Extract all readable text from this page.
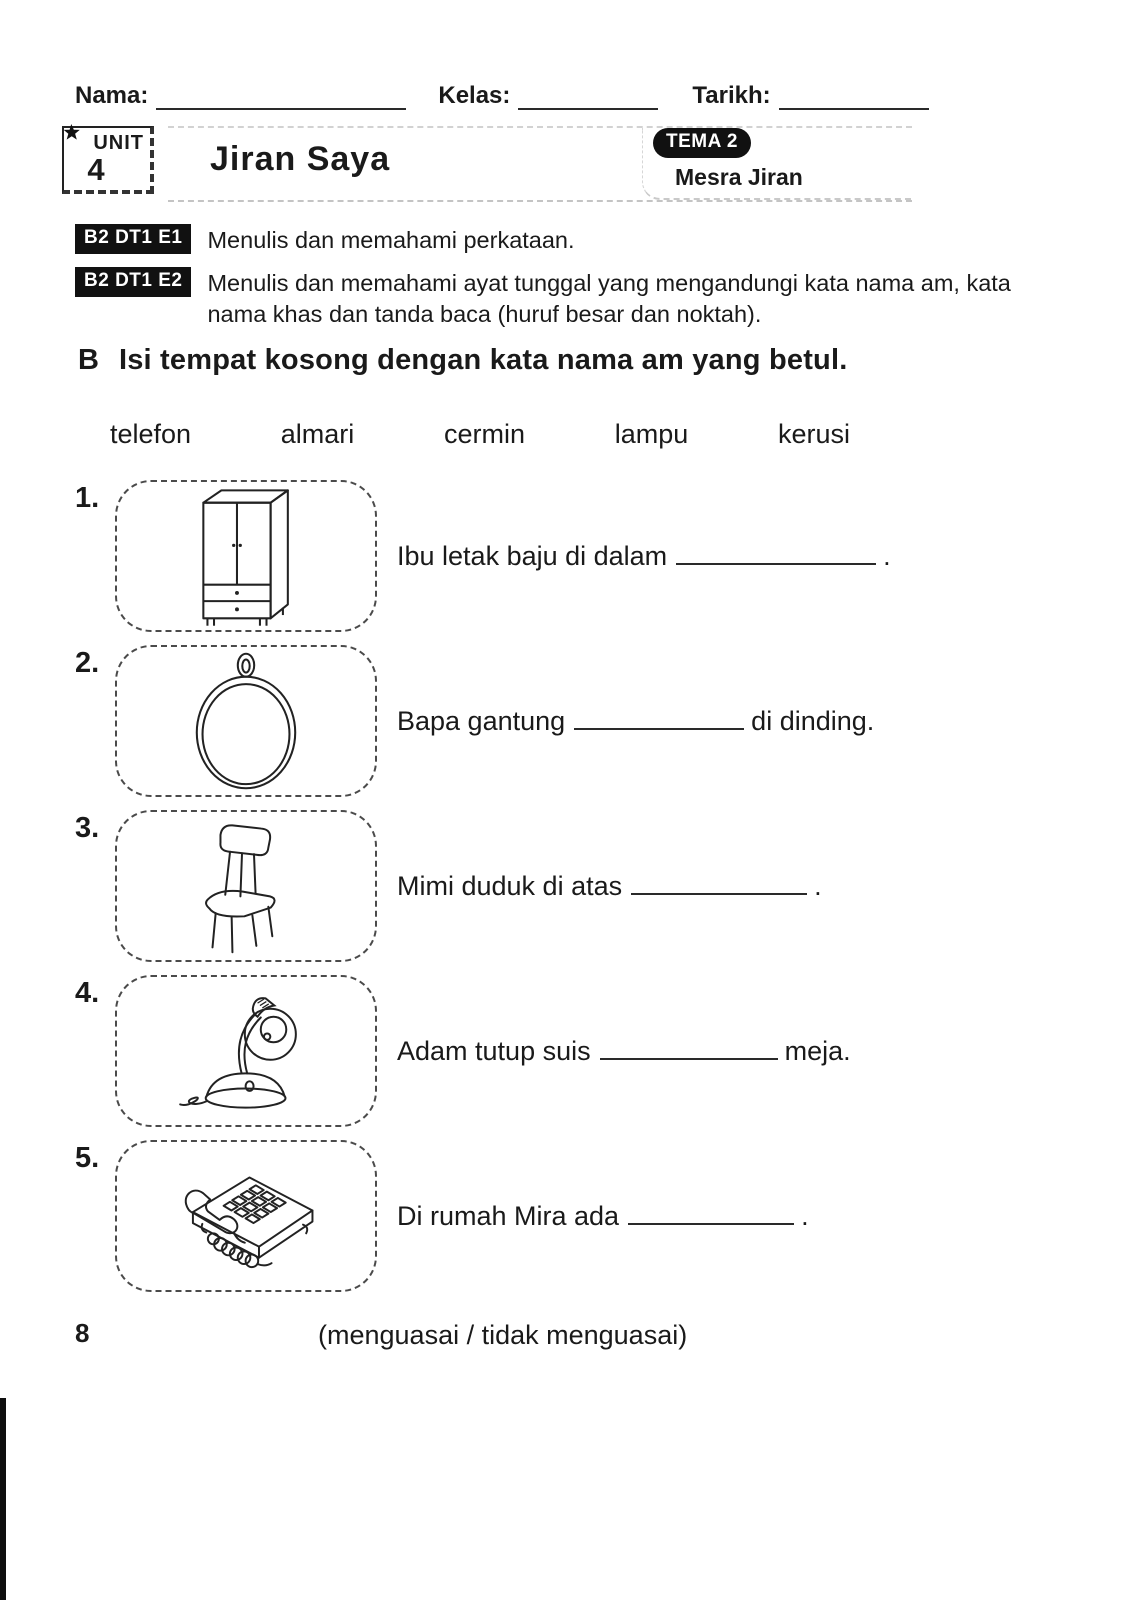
Nama:	Kelas:	Tarikh:
UNIT
4	Jiran Saya	TEMA 2
Mesra Jiran
B2 DT1 E1	Menulis dan memahami perkataan.
B2 DT1 E2	Menulis dan memahami ayat tunggal yang mengandungi kata nama am, kata nama khas dan tanda baca (huruf besar dan noktah).
B Isi tempat kosong dengan kata nama am yang betul.
telefon	almari	cermin	lampu	kerusi
1.
Ibu letak baju di dalam	.
2.
Bapa gantung	di dinding.
3.
Mimi duduk di atas	.
4.
Adam tutup suis	meja.
5.
Di rumah Mira ada	.
8	(menguasai / tidak menguasai)
